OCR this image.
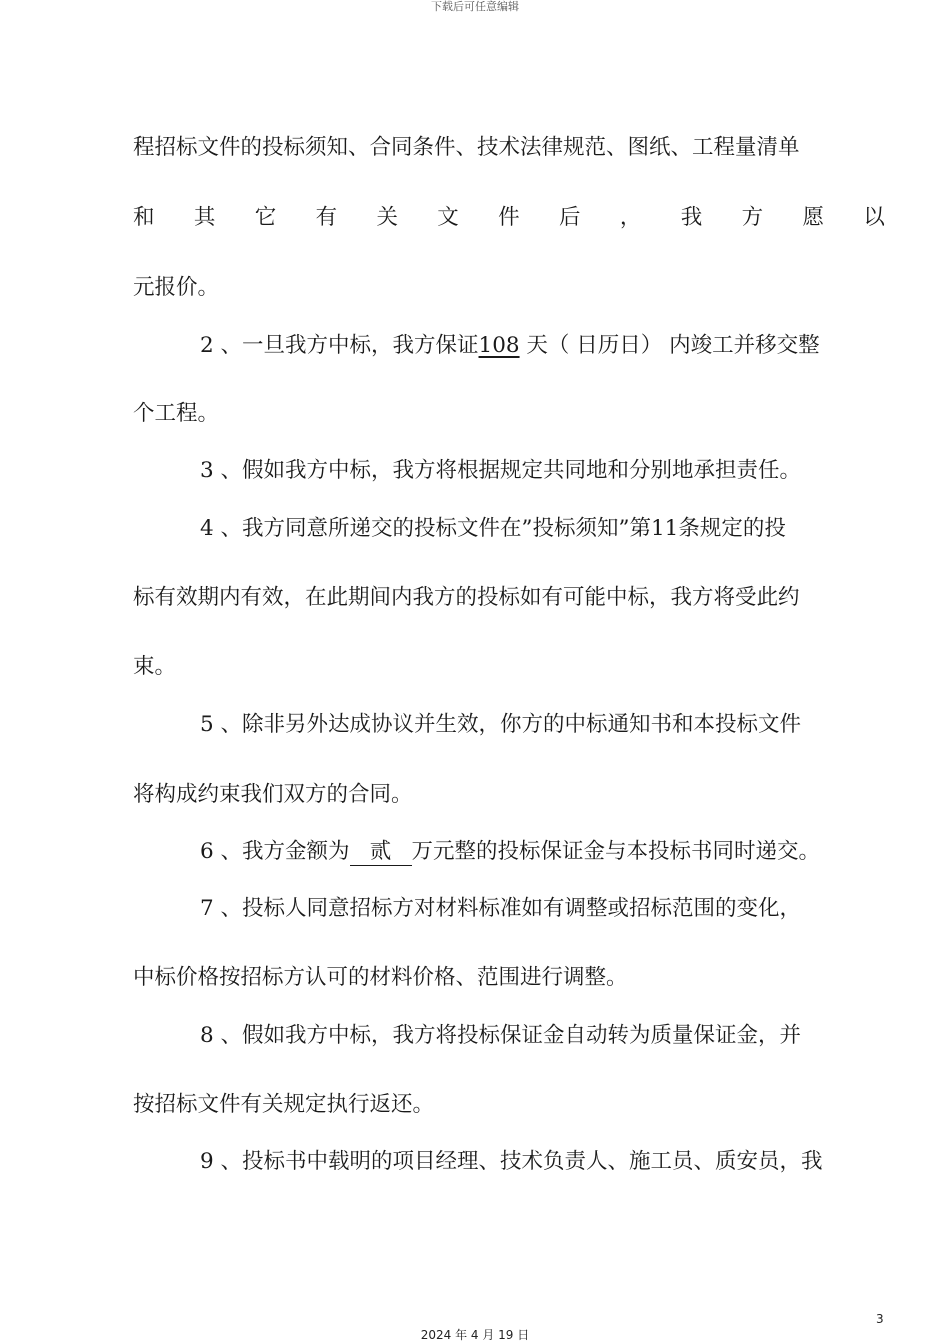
下载后可任意编辑
程招标文件的投标须知、合同条件、技术法律规范、图纸、工程量清单
和 其 它 有 关 文 件 后 ， 我 方 愿 以
元报价。
2 、一旦我方中标，我方保证108 天（ 日历日） 内竣工并移交整
个工程。
3 、假如我方中标，我方将根据规定共同地和分别地承担责任。
4 、我方同意所递交的投标文件在”投标须知”第11条规定的投
标有效期内有效，在此期间内我方的投标如有可能中标，我方将受此约
束。
5 、除非另外达成协议并生效，你方的中标通知书和本投标文件
将构成约束我们双方的合同。
6 、我方金额为 贰 万元整的投标保证金与本投标书同时递交。
7 、投标人同意招标方对材料标准如有调整或招标范围的变化，
中标价格按招标方认可的材料价格、范围进行调整。
8 、假如我方中标，我方将投标保证金自动转为质量保证金，并
按招标文件有关规定执行返还。
9 、投标书中载明的项目经理、技术负责人、施工员、质安员，我
3
2024 年 4 月 19 日
